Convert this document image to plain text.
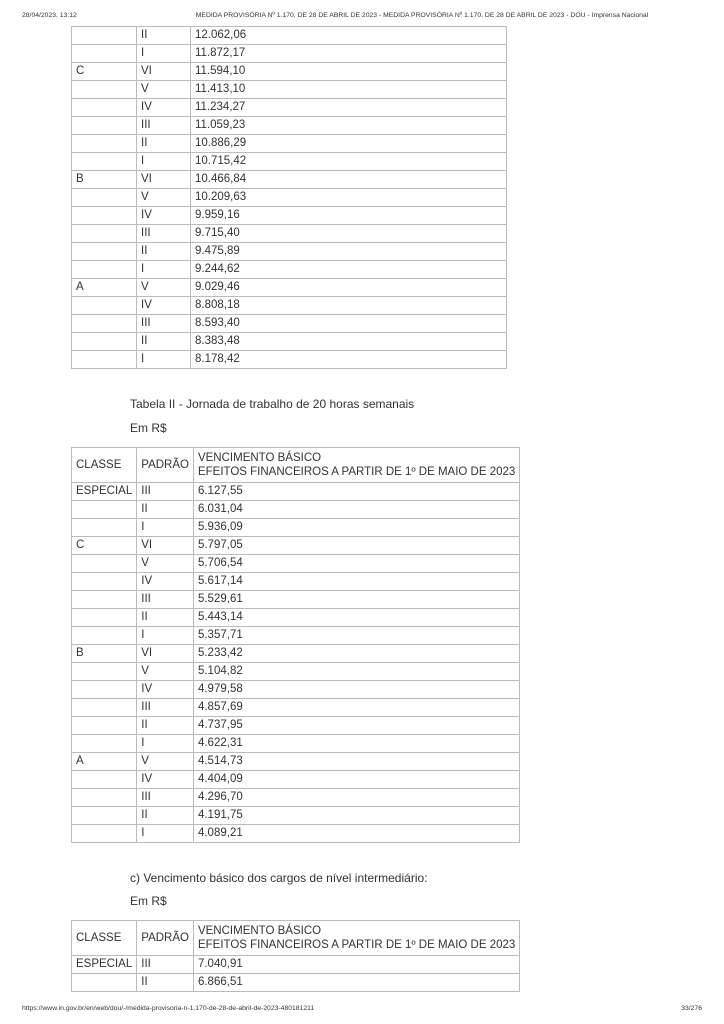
28/04/2023, 13:12	MEDIDA PROVISÓRIA Nº 1.170, DE 28 DE ABRIL DE 2023 - MEDIDA PROVISÓRIA Nº 1.170, DE 28 DE ABRIL DE 2023 - DOU - Imprensa Nacional
	II	12.062,06
	I	11.872,17
C	VI	11.594,10
	V	11.413,10
	IV	11.234,27
	III	11.059,23
	II	10.886,29
	I	10.715,42
B	VI	10.466,84
	V	10.209,63
	IV	9.959,16
	III	9.715,40
	II	9.475,89
	I	9.244,62
A	V	9.029,46
	IV	8.808,18
	III	8.593,40
	II	8.383,48
	I	8.178,42
Tabela II - Jornada de trabalho de 20 horas semanais
Em R$
CLASSE	PADRÃO	VENCIMENTO BÁSICO
EFEITOS FINANCEIROS A PARTIR DE 1º DE MAIO DE 2023
ESPECIAL	III	6.127,55
	II	6.031,04
	I	5.936,09
C	VI	5.797,05
	V	5.706,54
	IV	5.617,14
	III	5.529,61
	II	5.443,14
	I	5.357,71
B	VI	5.233,42
	V	5.104,82
	IV	4.979,58
	III	4.857,69
	II	4.737,95
	I	4.622,31
A	V	4.514,73
	IV	4.404,09
	III	4.296,70
	II	4.191,75
	I	4.089,21
c) Vencimento básico dos cargos de nível intermediário:
Em R$
CLASSE	PADRÃO	VENCIMENTO BÁSICO
EFEITOS FINANCEIROS A PARTIR DE 1º DE MAIO DE 2023
ESPECIAL	III	7.040,91
	II	6.866,51
https://www.in.gov.br/en/web/dou/-/medida-provisoria-n-1.170-de-28-de-abril-de-2023-480181211	33/276
